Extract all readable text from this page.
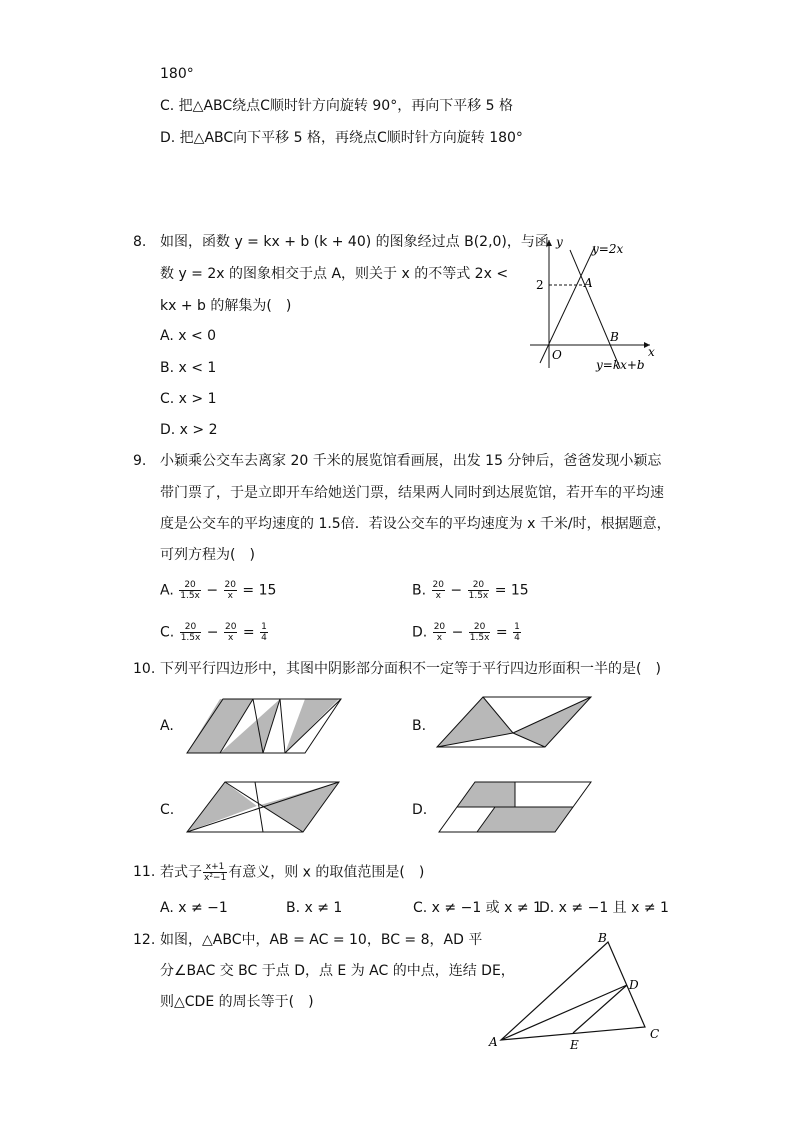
180°
C. 把△ABC绕点C顺时针方向旋转 90°，再向下平移 5 格
D. 把△ABC向下平移 5 格，再绕点C顺时针方向旋转 180°
8. 如图，函数 y = kx + b (k + 40) 的图象经过点 B(2,0)，与函
数 y = 2x 的图象相交于点 A，则关于 x 的不等式 2x <
kx + b 的解集为(　)
A. x < 0
B. x < 1
C. x > 1
D. x > 2
y
x
O
2	A
B
y=2x
y=kx+b
9. 小颖乘公交车去离家 20 千米的展览馆看画展，出发 15 分钟后，爸爸发现小颖忘
带门票了，于是立即开车给她送门票，结果两人同时到达展览馆，若开车的平均速
度是公交车的平均速度的 1.5倍．若设公交车的平均速度为 x 千米/时，根据题意，
可列方程为(　)
A. $\frac{20}{1.5x} - \frac{20}{x} = 15$	B. $\frac{20}{x} - \frac{20}{1.5x} = 15$
C. $\frac{20}{1.5x} - \frac{20}{x} = \frac{1}{4}$	D. $\frac{20}{x} - \frac{20}{1.5x} = \frac{1}{4}$
10. 下列平行四边形中，其图中阴影部分面积不一定等于平行四边形面积一半的是(　)
A.	B.
C.	D.
11. 若式子 $\frac{x+1}{\text{x²−1}}$ 有意义，则 x 的取值范围是(　)
A. x ≠ −1	B. x ≠ 1	C. x ≠ −1 或 x ≠ 1
D. x ≠ −1 且 x ≠ 1
12. 如图，△ABC中，AB = AC = 10，BC = 8，AD 平
分∠BAC 交 BC 于点 D，点 E 为 AC 的中点，连结 DE，
则△CDE 的周长等于(　)
A
B
C
D
E
